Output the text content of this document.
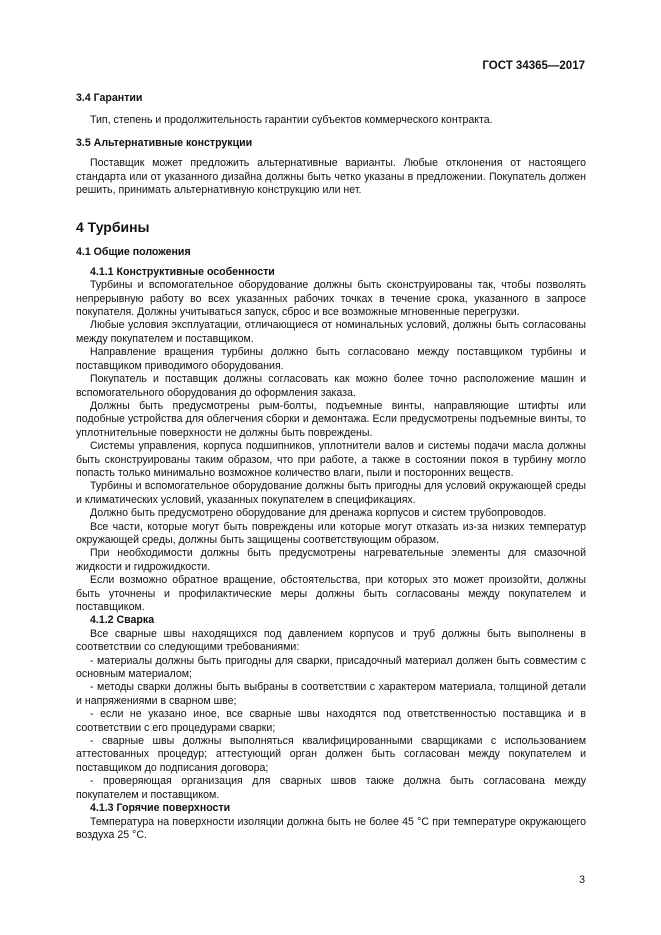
ГОСТ 34365—2017
3.4 Гарантии

Тип, степень и продолжительность гарантии субъектов коммерческого контракта.

3.5 Альтернативные конструкции

Поставщик может предложить альтернативные варианты. Любые отклонения от настоящего стандарта или от указанного дизайна должны быть четко указаны в предложении. Покупатель должен решить, принимать альтернативную конструкцию или нет.

4 Турбины
4.1 Общие положения
4.1.1 Конструктивные особенности

Турбины и вспомогательное оборудование должны быть сконструированы так, чтобы позволять непрерывную работу во всех указанных рабочих точках в течение срока, указанного в запросе покупателя. Должны учитываться запуск, сброс и все возможные мгновенные перегрузки.

Любые условия эксплуатации, отличающиеся от номинальных условий, должны быть согласованы между покупателем и поставщиком.

Направление вращения турбины должно быть согласовано между поставщиком турбины и поставщиком приводимого оборудования.

Покупатель и поставщик должны согласовать как можно более точно расположение машин и вспомогательного оборудования до оформления заказа.

Должны быть предусмотрены рым-болты, подъемные винты, направляющие штифты или подобные устройства для облегчения сборки и демонтажа. Если предусмотрены подъемные винты, то уплотнительные поверхности не должны быть повреждены.

Системы управления, корпуса подшипников, уплотнители валов и системы подачи масла должны быть сконструированы таким образом, что при работе, а также в состоянии покоя в турбину могло попасть только минимально возможное количество влаги, пыли и посторонних веществ.

Турбины и вспомогательное оборудование должны быть пригодны для условий окружающей среды и климатических условий, указанных покупателем в спецификациях.

Должно быть предусмотрено оборудование для дренажа корпусов и систем трубопроводов.

Все части, которые могут быть повреждены или которые могут отказать из-за низких температур окружающей среды, должны быть защищены соответствующим образом.

При необходимости должны быть предусмотрены нагревательные элементы для смазочной жидкости и гидрожидкости.

Если возможно обратное вращение, обстоятельства, при которых это может произойти, должны быть уточнены и профилактические меры должны быть согласованы между покупателем и поставщиком.

4.1.2 Сварка

Все сварные швы находящихся под давлением корпусов и труб должны быть выполнены в соответствии со следующими требованиями:

- материалы должны быть пригодны для сварки, присадочный материал должен быть совместим с основным материалом;

- методы сварки должны быть выбраны в соответствии с характером материала, толщиной детали и напряжениями в сварном шве;

- если не указано иное, все сварные швы находятся под ответственностью поставщика и в соответствии с его процедурами сварки;

- сварные швы должны выполняться квалифицированными сварщиками с использованием аттестованных процедур; аттестующий орган должен быть согласован между покупателем и поставщиком до подписания договора;

- проверяющая организация для сварных швов также должна быть согласована между покупателем и поставщиком.

4.1.3 Горячие поверхности

Температура на поверхности изоляции должна быть не более 45 °С при температуре окружающего воздуха 25 °С.

3
